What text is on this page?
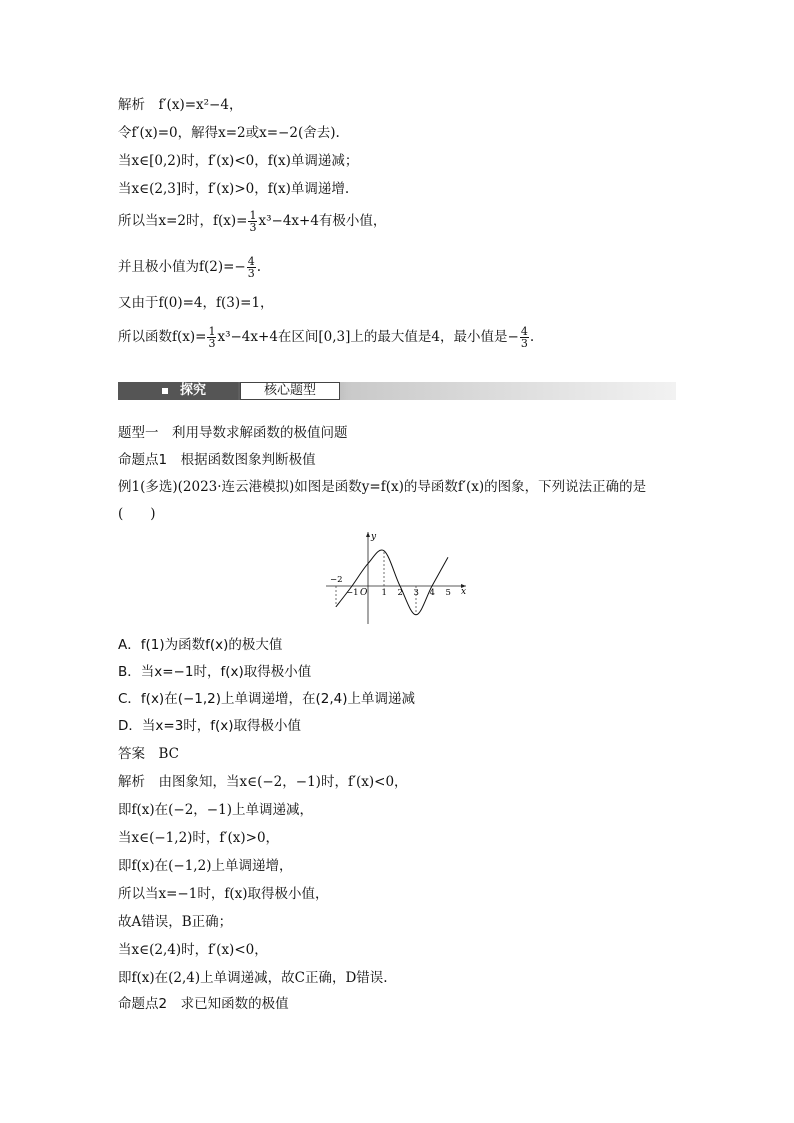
解析　f′(x)=x²−4，
令f′(x)=0，解得x=2或x=−2(舍去).
当x∈[0,2)时，f′(x)<0，f(x)单调递减；
当x∈(2,3]时，f′(x)>0，f(x)单调递增.
所以当x=2时，$f(x)= \frac{1}{3} x^3-4x+4$有极小值，
并且极小值为$f(2)=- \frac{4}{3}$ .
又由于f(0)=4，f(3)=1，
所以函数$f(x)= \frac{1}{3} x^3-4x+4$在区间[0,3]上的最大值是4，最小值是− $\frac{4}{3}$ .
探究	核心题型
题型一　利用导数求解函数的极值问题
命题点1　根据函数图象判断极值
例1(多选)(2023·连云港模拟)如图是函数y=f(x)的导函数f′(x)的图象，下列说法正确的是
(　　)
y
x
O
−2
−1	1 2 3 4 5
A．f(1)为函数f(x)的极大值
B．当x=−1时，f(x)取得极小值
C．f(x)在(−1,2)上单调递增，在(2,4)上单调递减
D．当x=3时，f(x)取得极小值
答案　BC
解析　由图象知，当x∈(−2，−1)时，f′(x)<0，
即f(x)在(−2，−1)上单调递减，
当x∈(−1,2)时，f′(x)>0，
即f(x)在(−1,2)上单调递增，
所以当x=−1时，f(x)取得极小值，
故A错误，B正确；
当x∈(2,4)时，f′(x)<0，
即f(x)在(2,4)上单调递减，故C正确，D错误.
命题点2　求已知函数的极值
